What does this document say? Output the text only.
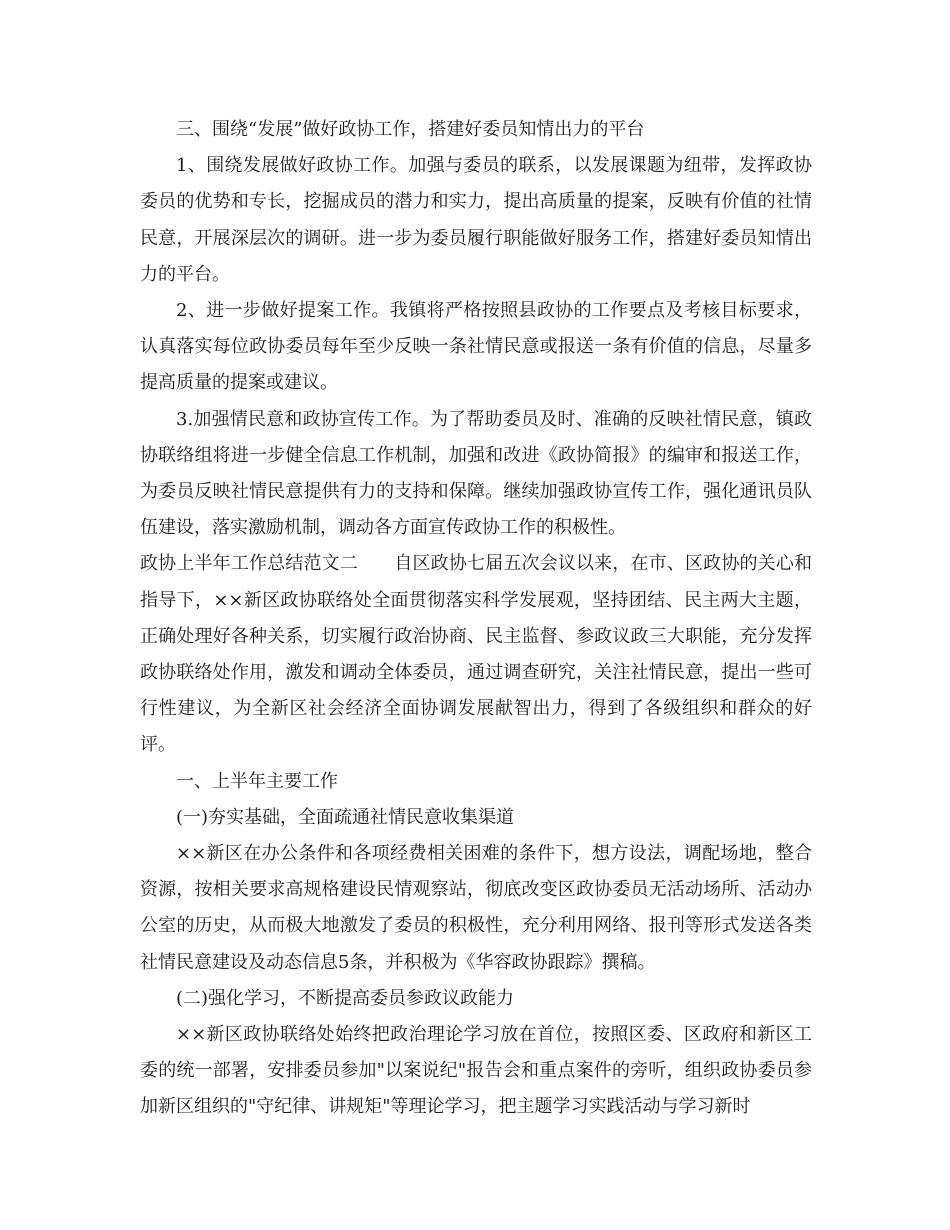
三、围绕“发展”做好政协工作，搭建好委员知情出力的平台

1、围绕发展做好政协工作。加强与委员的联系，以发展课题为纽带，发挥政协委员的优势和专长，挖掘成员的潜力和实力，提出高质量的提案，反映有价值的社情民意，开展深层次的调研。进一步为委员履行职能做好服务工作，搭建好委员知情出力的平台。

2、进一步做好提案工作。我镇将严格按照县政协的工作要点及考核目标要求，认真落实每位政协委员每年至少反映一条社情民意或报送一条有价值的信息，尽量多提高质量的提案或建议。

3.加强情民意和政协宣传工作。为了帮助委员及时、准确的反映社情民意，镇政协联络组将进一步健全信息工作机制，加强和改进《政协简报》的编审和报送工作，为委员反映社情民意提供有力的支持和保障。继续加强政协宣传工作，强化通讯员队伍建设，落实激励机制，调动各方面宣传政协工作的积极性。

政协上半年工作总结范文二　　自区政协七届五次会议以来，在市、区政协的关心和指导下，××新区政协联络处全面贯彻落实科学发展观，坚持团结、民主两大主题，正确处理好各种关系，切实履行政治协商、民主监督、参政议政三大职能，充分发挥政协联络处作用，激发和调动全体委员，通过调查研究，关注社情民意，提出一些可行性建议，为全新区社会经济全面协调发展献智出力，得到了各级组织和群众的好评。

一、上半年主要工作

(一)夯实基础，全面疏通社情民意收集渠道

××新区在办公条件和各项经费相关困难的条件下，想方设法，调配场地，整合资源，按相关要求高规格建设民情观察站，彻底改变区政协委员无活动场所、活动办公室的历史，从而极大地激发了委员的积极性，充分利用网络、报刊等形式发送各类社情民意建设及动态信息5条，并积极为《华容政协跟踪》撰稿。

(二)强化学习，不断提高委员参政议政能力

××新区政协联络处始终把政治理论学习放在首位，按照区委、区政府和新区工委的统一部署，安排委员参加"以案说纪"报告会和重点案件的旁听，组织政协委员参加新区组织的"守纪律、讲规矩"等理论学习，把主题学习实践活动与学习新时
